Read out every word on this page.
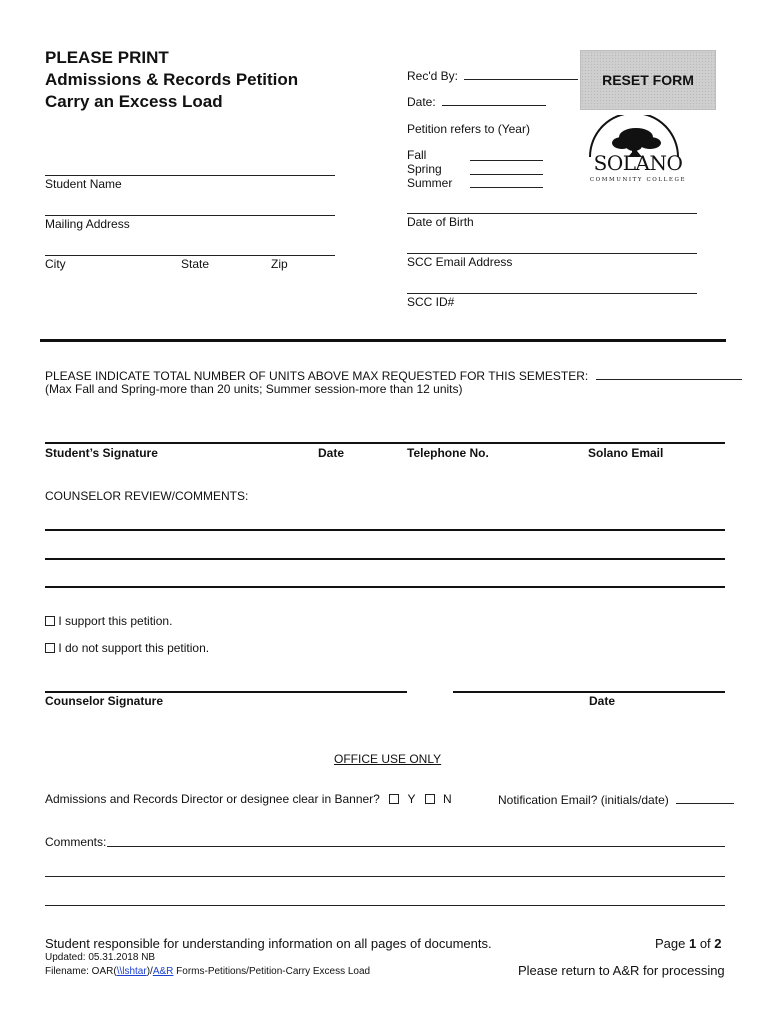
PLEASE PRINT
Admissions & Records Petition
Carry an Excess Load
Rec'd By:
Date:
RESET FORM
Petition refers to (Year)
Fall
Spring
Summer
SOLANO
COMMUNITY COLLEGE
Student Name
Mailing Address
City	State	Zip
Date of Birth
SCC Email Address
SCC ID#
PLEASE INDICATE TOTAL NUMBER OF UNITS ABOVE MAX REQUESTED FOR THIS SEMESTER:
(Max Fall and Spring-more than 20 units; Summer session-more than 12 units)
Student’s Signature	Date	Telephone No.	Solano Email
COUNSELOR REVIEW/COMMENTS:
I support this petition.
I do not support this petition.
Counselor Signature	Date
OFFICE USE ONLY
Admissions and Records Director or designee clear in Banner? Y N	Notification Email? (initials/date)
Comments:
Student responsible for understanding information on all pages of documents.
Updated: 05.31.2018 NB
Filename: OAR(\\lshtar)/A&R Forms-Petitions/Petition-Carry Excess Load
Page 1 of 2
Please return to A&R for processing
